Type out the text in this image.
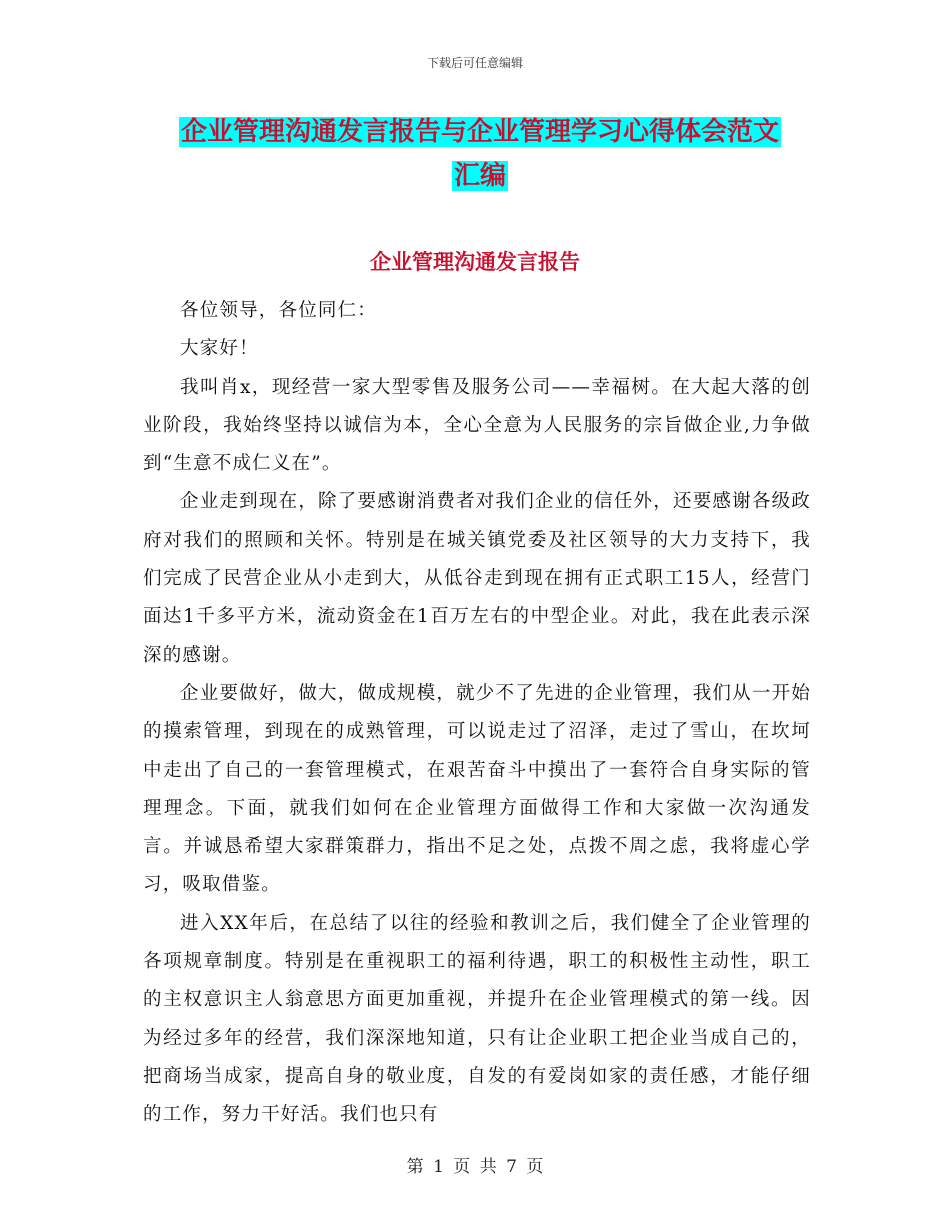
下载后可任意编辑
企业管理沟通发言报告与企业管理学习心得体会范文
汇编
企业管理沟通发言报告

各位领导，各位同仁：

大家好！

我叫肖x，现经营一家大型零售及服务公司——幸福树。在大起大落的创业阶段，我始终坚持以诚信为本，全心全意为人民服务的宗旨做企业,力争做到“生意不成仁义在”。

企业走到现在，除了要感谢消费者对我们企业的信任外，还要感谢各级政府对我们的照顾和关怀。特别是在城关镇党委及社区领导的大力支持下，我们完成了民营企业从小走到大，从低谷走到现在拥有正式职工15人，经营门面达1千多平方米，流动资金在1百万左右的中型企业。对此，我在此表示深深的感谢。

企业要做好，做大，做成规模，就少不了先进的企业管理，我们从一开始的摸索管理，到现在的成熟管理，可以说走过了沼泽，走过了雪山，在坎坷中走出了自己的一套管理模式，在艰苦奋斗中摸出了一套符合自身实际的管理理念。下面，就我们如何在企业管理方面做得工作和大家做一次沟通发言。并诚恳希望大家群策群力，指出不足之处，点拨不周之虑，我将虚心学习，吸取借鉴。

进入XX年后，在总结了以往的经验和教训之后，我们健全了企业管理的各项规章制度。特别是在重视职工的福利待遇，职工的积极性主动性，职工的主权意识主人翁意思方面更加重视，并提升在企业管理模式的第一线。因为经过多年的经营，我们深深地知道，只有让企业职工把企业当成自己的，把商场当成家，提高自身的敬业度，自发的有爱岗如家的责任感，才能仔细的工作，努力干好活。我们也只有

第 1 页 共 7 页
